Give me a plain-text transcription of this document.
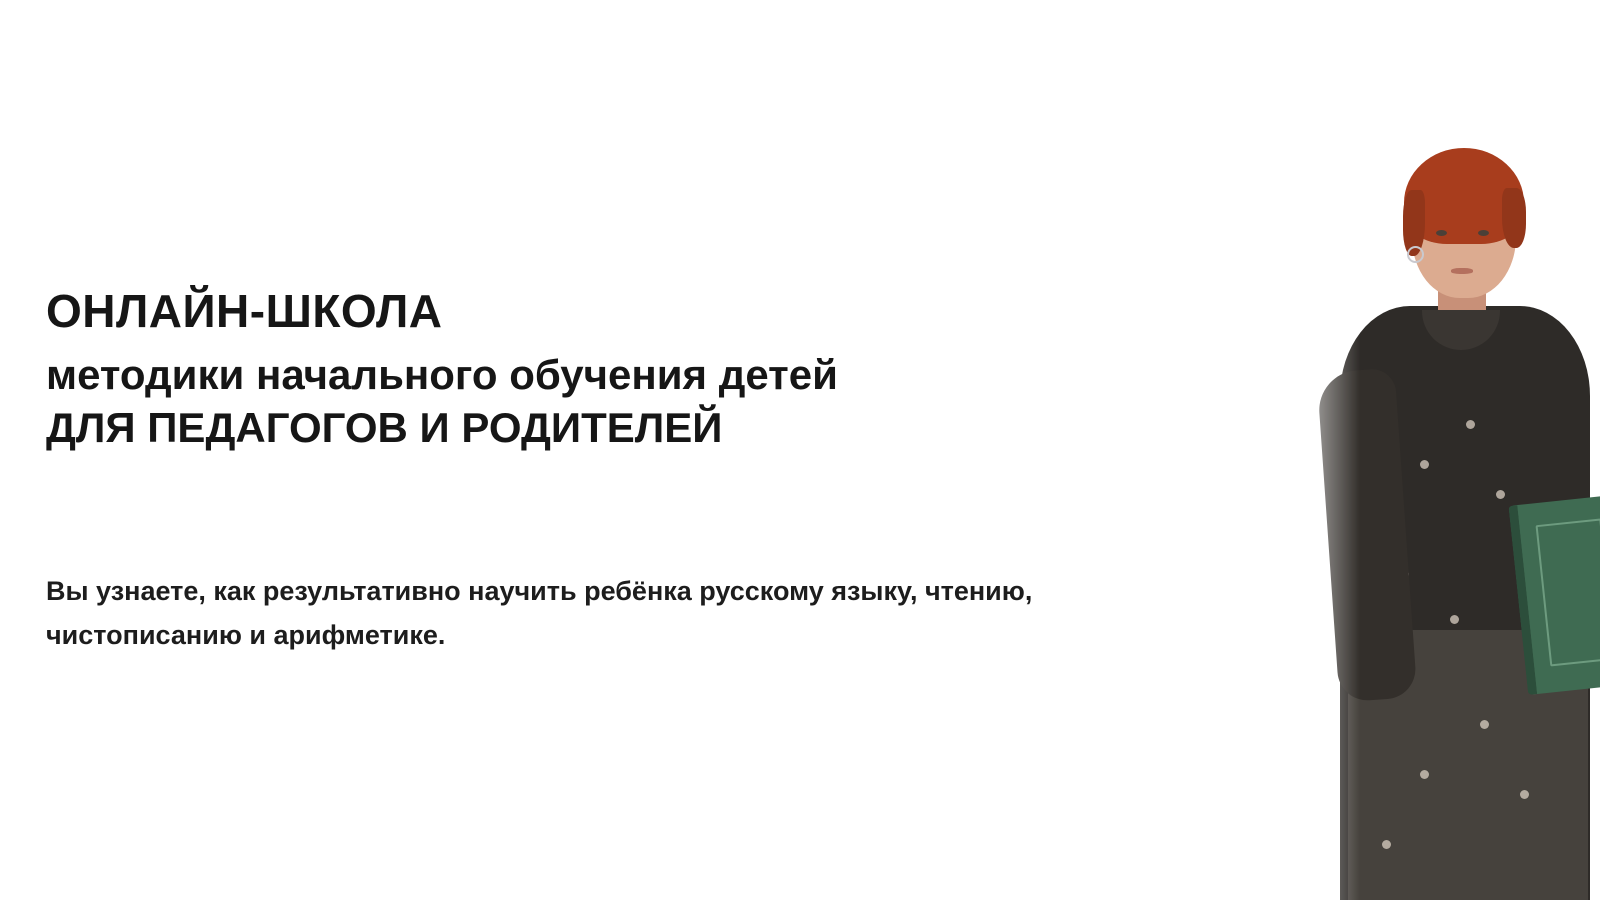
ОНЛАЙН-ШКОЛА
методики начального обучения детей
ДЛЯ ПЕДАГОГОВ И РОДИТЕЛЕЙ

Вы узнаете, как результативно научить ребёнка русскому языку, чтению, чистописанию и арифметике.
